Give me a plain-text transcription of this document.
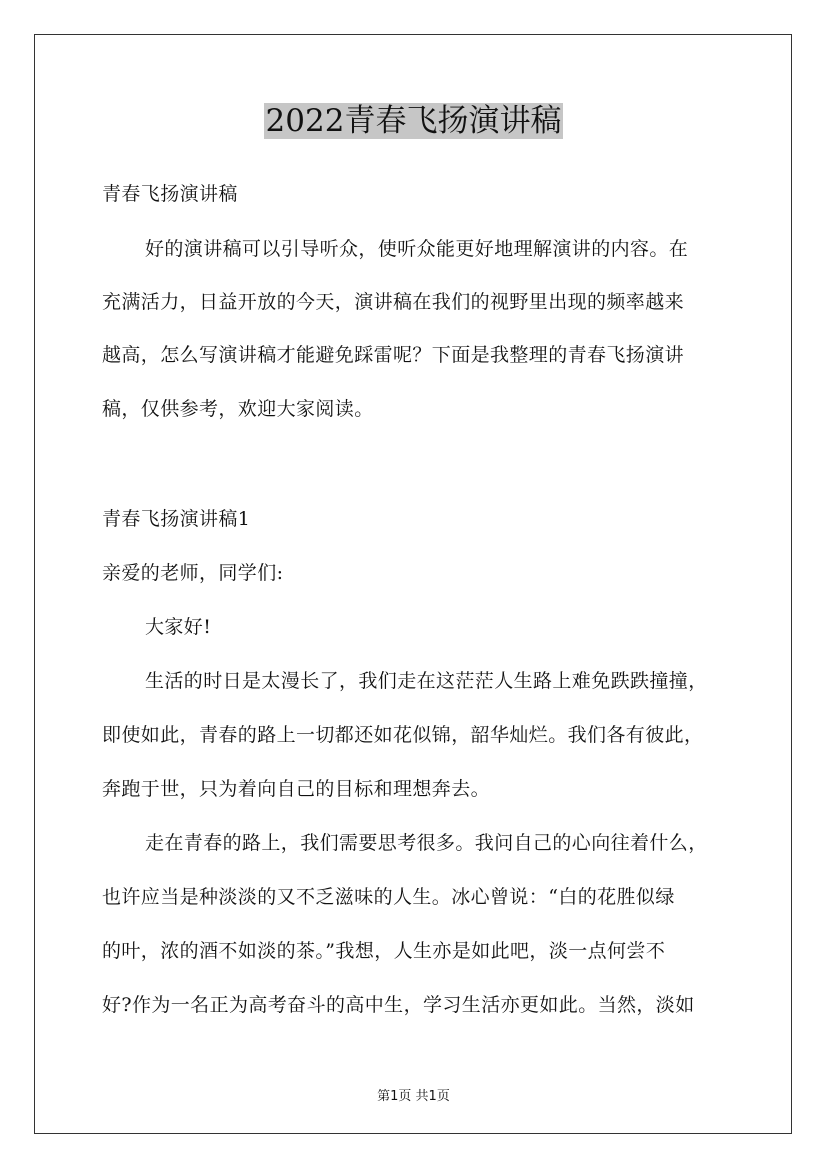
2022青春飞扬演讲稿
青春飞扬演讲稿
好的演讲稿可以引导听众，使听众能更好地理解演讲的内容。在
充满活力，日益开放的今天，演讲稿在我们的视野里出现的频率越来
越高，怎么写演讲稿才能避免踩雷呢？下面是我整理的青春飞扬演讲
稿，仅供参考，欢迎大家阅读。
青春飞扬演讲稿1
亲爱的老师，同学们:
大家好!
生活的时日是太漫长了，我们走在这茫茫人生路上难免跌跌撞撞，
即使如此，青春的路上一切都还如花似锦，韶华灿烂。我们各有彼此，
奔跑于世，只为着向自己的目标和理想奔去。
走在青春的路上，我们需要思考很多。我问自己的心向往着什么，
也许应当是种淡淡的又不乏滋味的人生。冰心曾说：“白的花胜似绿
的叶，浓的酒不如淡的茶。”我想，人生亦是如此吧，淡一点何尝不
好?作为一名正为高考奋斗的高中生，学习生活亦更如此。当然，淡如
第1页 共1页
